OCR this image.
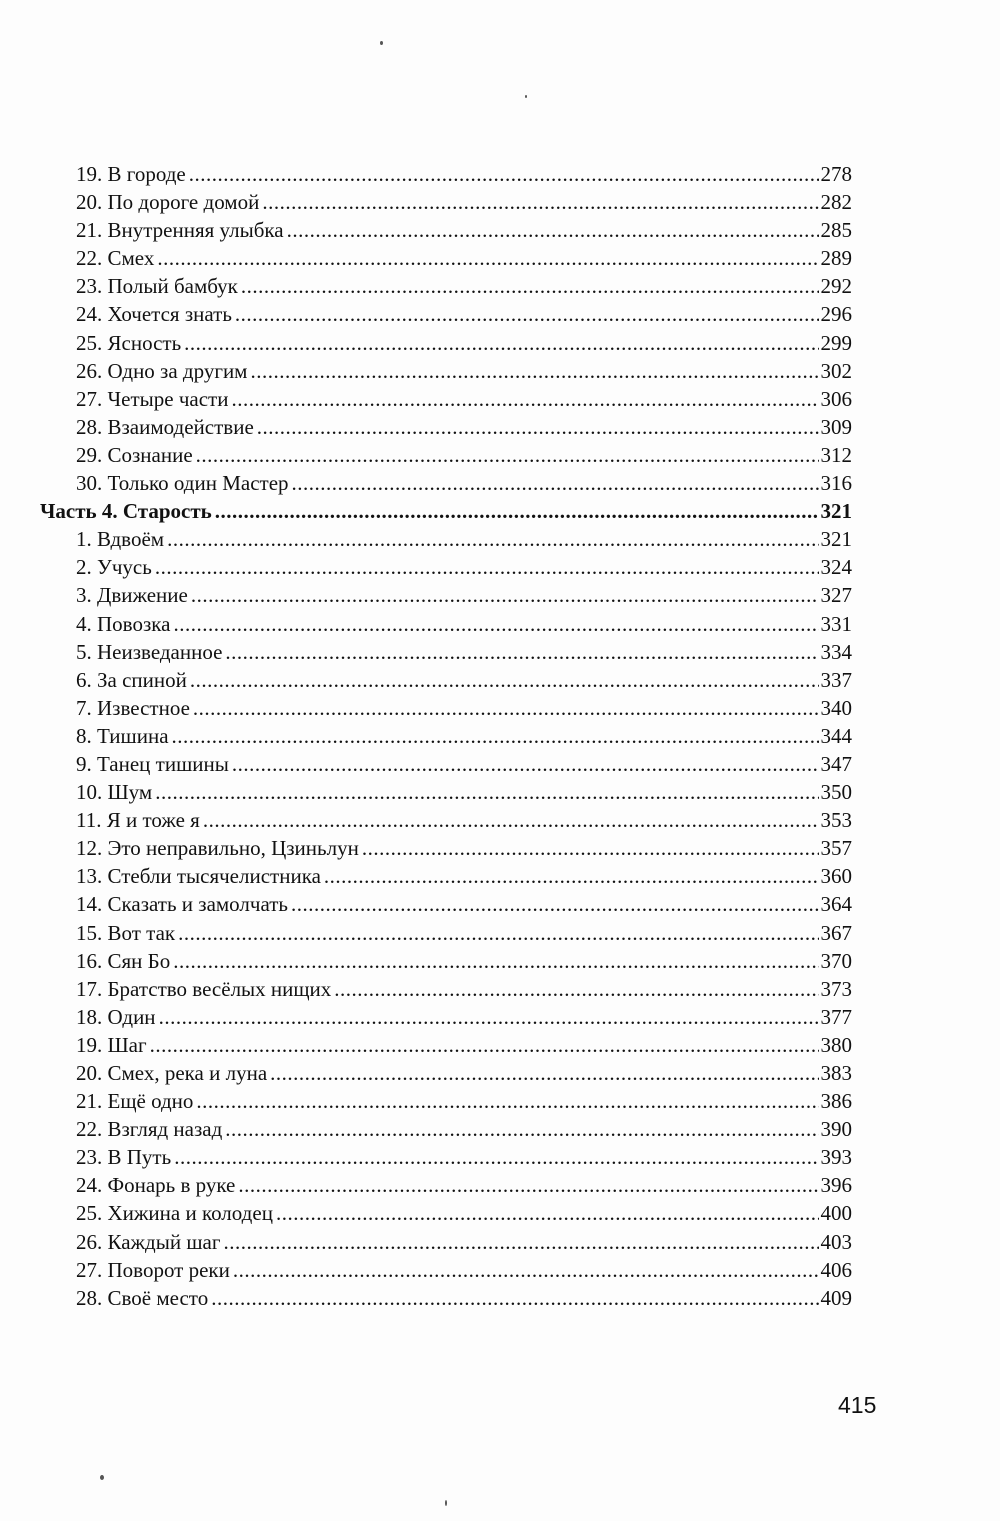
19. В городе .....	278
20. По дороге домой .....	282
21. Внутренняя улыбка .....	285
22. Смех .....	289
23. Полый бамбук .....	292
24. Хочется знать .....	296
25. Ясность .....	299
26. Одно за другим .....	302
27. Четыре части .....	306
28. Взаимодействие .....	309
29. Сознание .....	312
30. Только один Мастер .....	316
Часть 4. Старость .....	321
1. Вдвоём .....	321
2. Учусь .....	324
3. Движение .....	327
4. Повозка .....	331
5. Неизведанное .....	334
6. За спиной .....	337
7. Известное .....	340
8. Тишина .....	344
9. Танец тишины .....	347
10. Шум .....	350
11. Я и тоже я .....	353
12. Это неправильно, Цзиньлун .....	357
13. Стебли тысячелистника .....	360
14. Сказать и замолчать .....	364
15. Вот так .....	367
16. Сян Бо .....	370
17. Братство весёлых нищих .....	373
18. Один .....	377
19. Шаг .....	380
20. Смех, река и луна .....	383
21. Ещё одно .....	386
22. Взгляд назад .....	390
23. В Путь .....	393
24. Фонарь в руке .....	396
25. Хижина и колодец .....	400
26. Каждый шаг .....	403
27. Поворот реки .....	406
28. Своё место .....	409
415
